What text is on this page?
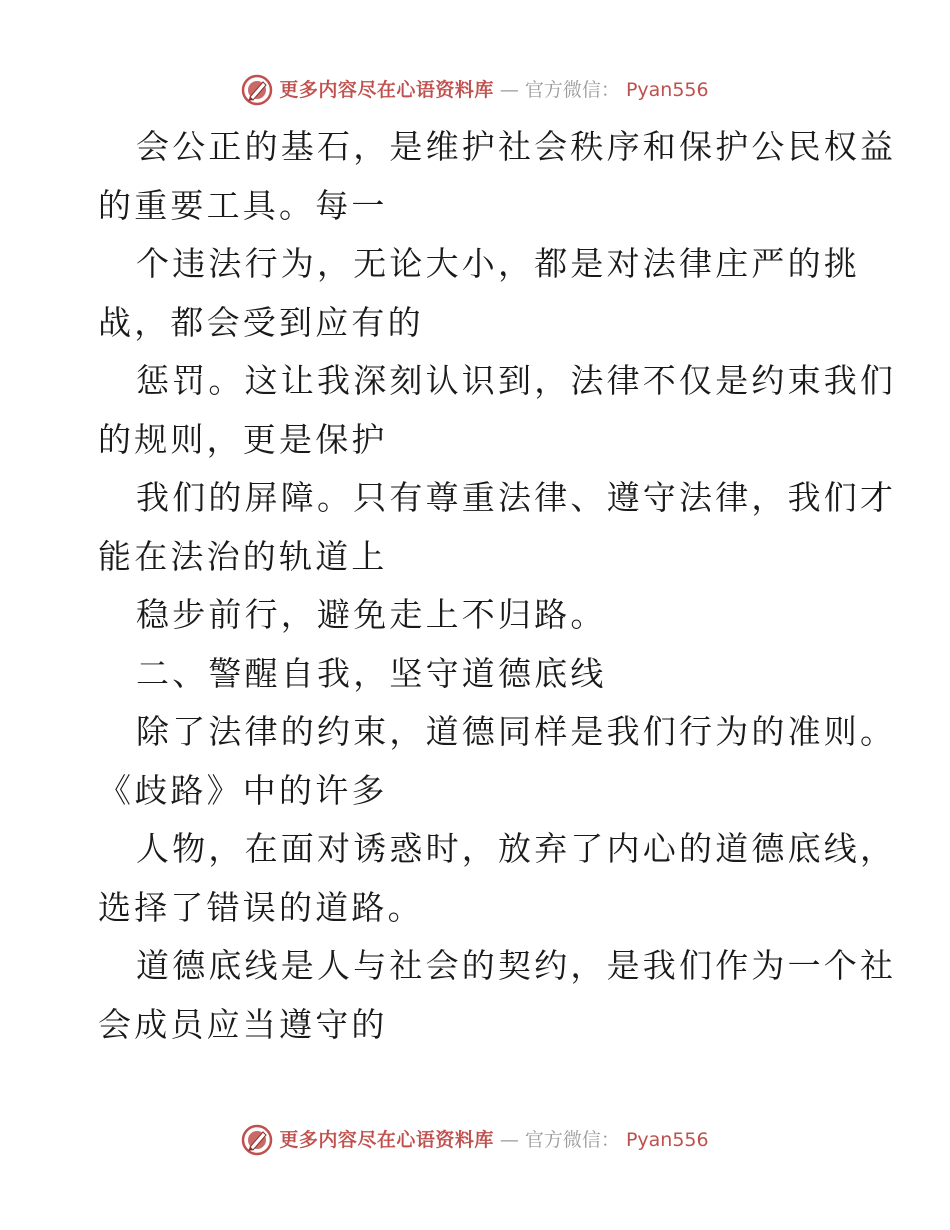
更多内容尽在心语资料库 — 官方微信： Pyan556
会公正的基石，是维护社会秩序和保护公民权益
的重要工具。每一
个违法行为，无论大小，都是对法律庄严的挑
战，都会受到应有的
惩罚。这让我深刻认识到，法律不仅是约束我们
的规则，更是保护
我们的屏障。只有尊重法律、遵守法律，我们才
能在法治的轨道上
稳步前行，避免走上不归路。
二、警醒自我，坚守道德底线
除了法律的约束，道德同样是我们行为的准则。
《歧路》中的许多
人物，在面对诱惑时，放弃了内心的道德底线，
选择了错误的道路。
道德底线是人与社会的契约，是我们作为一个社
会成员应当遵守的
更多内容尽在心语资料库 — 官方微信： Pyan556
